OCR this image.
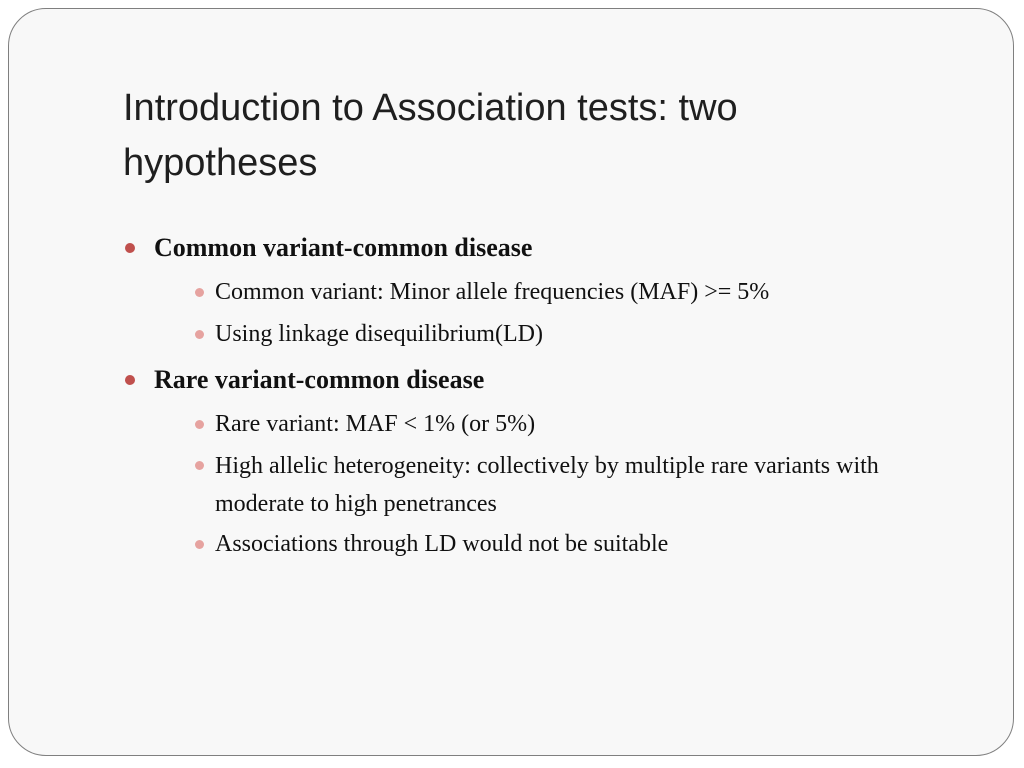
Introduction to Association tests: two hypotheses
Common variant-common disease
Common variant: Minor allele frequencies (MAF) >= 5%
Using linkage disequilibrium(LD)
Rare variant-common disease
Rare variant: MAF < 1% (or 5%)
High allelic heterogeneity: collectively by multiple rare variants with moderate to high penetrances
Associations through LD would not be suitable
